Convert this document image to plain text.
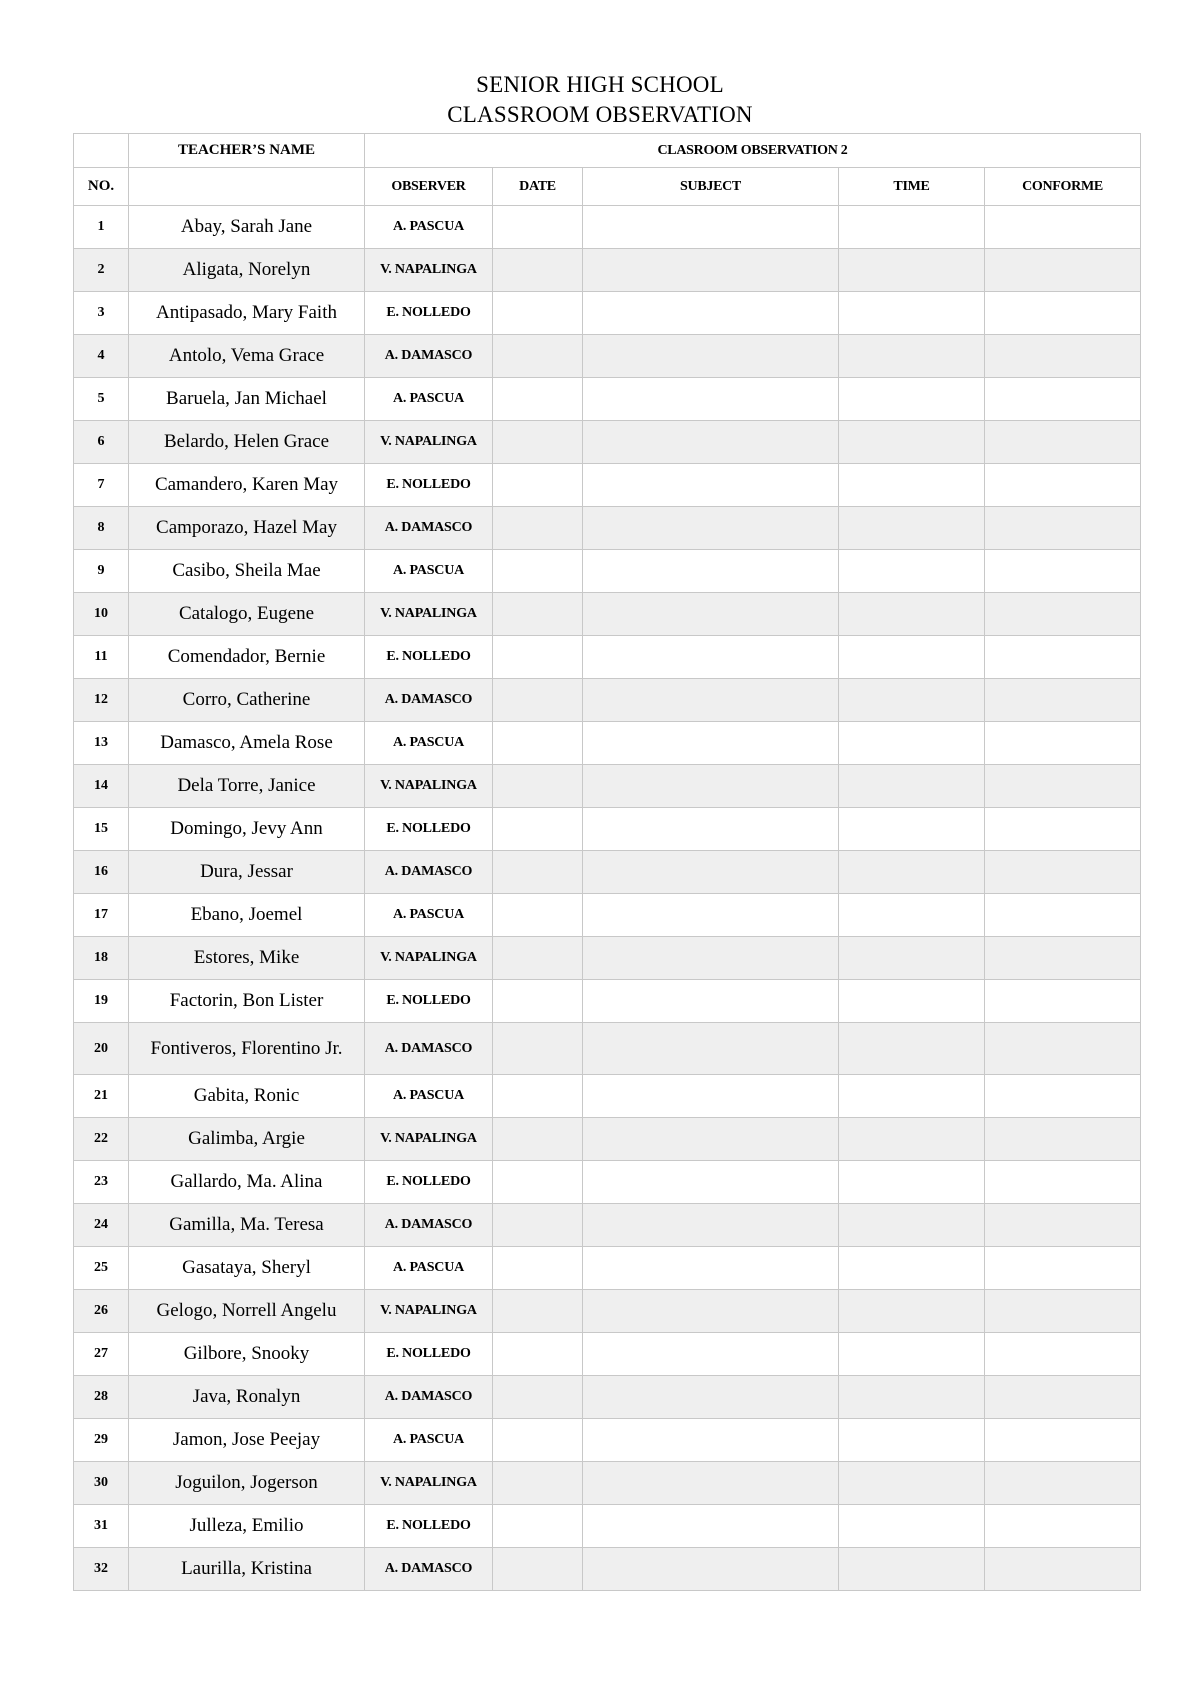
SENIOR HIGH SCHOOL
CLASSROOM OBSERVATION
	TEACHER’S NAME	CLASROOM OBSERVATION 2				
NO.		OBSERVER	DATE	SUBJECT	TIME	CONFORME
1	Abay, Sarah Jane	A. PASCUA				
2	Aligata, Norelyn	V. NAPALINGA				
3	Antipasado, Mary Faith	E. NOLLEDO				
4	Antolo, Vema Grace	A. DAMASCO				
5	Baruela, Jan Michael	A. PASCUA				
6	Belardo, Helen Grace	V. NAPALINGA				
7	Camandero, Karen May	E. NOLLEDO				
8	Camporazo, Hazel May	A. DAMASCO				
9	Casibo, Sheila Mae	A. PASCUA				
10	Catalogo, Eugene	V. NAPALINGA				
11	Comendador, Bernie	E. NOLLEDO				
12	Corro, Catherine	A. DAMASCO				
13	Damasco, Amela Rose	A. PASCUA				
14	Dela Torre, Janice	V. NAPALINGA				
15	Domingo, Jevy Ann	E. NOLLEDO				
16	Dura, Jessar	A. DAMASCO				
17	Ebano, Joemel	A. PASCUA				
18	Estores, Mike	V. NAPALINGA				
19	Factorin, Bon Lister	E. NOLLEDO				
20	Fontiveros, Florentino Jr.	A. DAMASCO				
21	Gabita, Ronic	A. PASCUA				
22	Galimba, Argie	V. NAPALINGA				
23	Gallardo, Ma. Alina	E. NOLLEDO				
24	Gamilla, Ma. Teresa	A. DAMASCO				
25	Gasataya, Sheryl	A. PASCUA				
26	Gelogo, Norrell Angelu	V. NAPALINGA				
27	Gilbore, Snooky	E. NOLLEDO				
28	Java, Ronalyn	A. DAMASCO				
29	Jamon, Jose Peejay	A. PASCUA				
30	Joguilon, Jogerson	V. NAPALINGA				
31	Julleza, Emilio	E. NOLLEDO				
32	Laurilla, Kristina	A. DAMASCO				
